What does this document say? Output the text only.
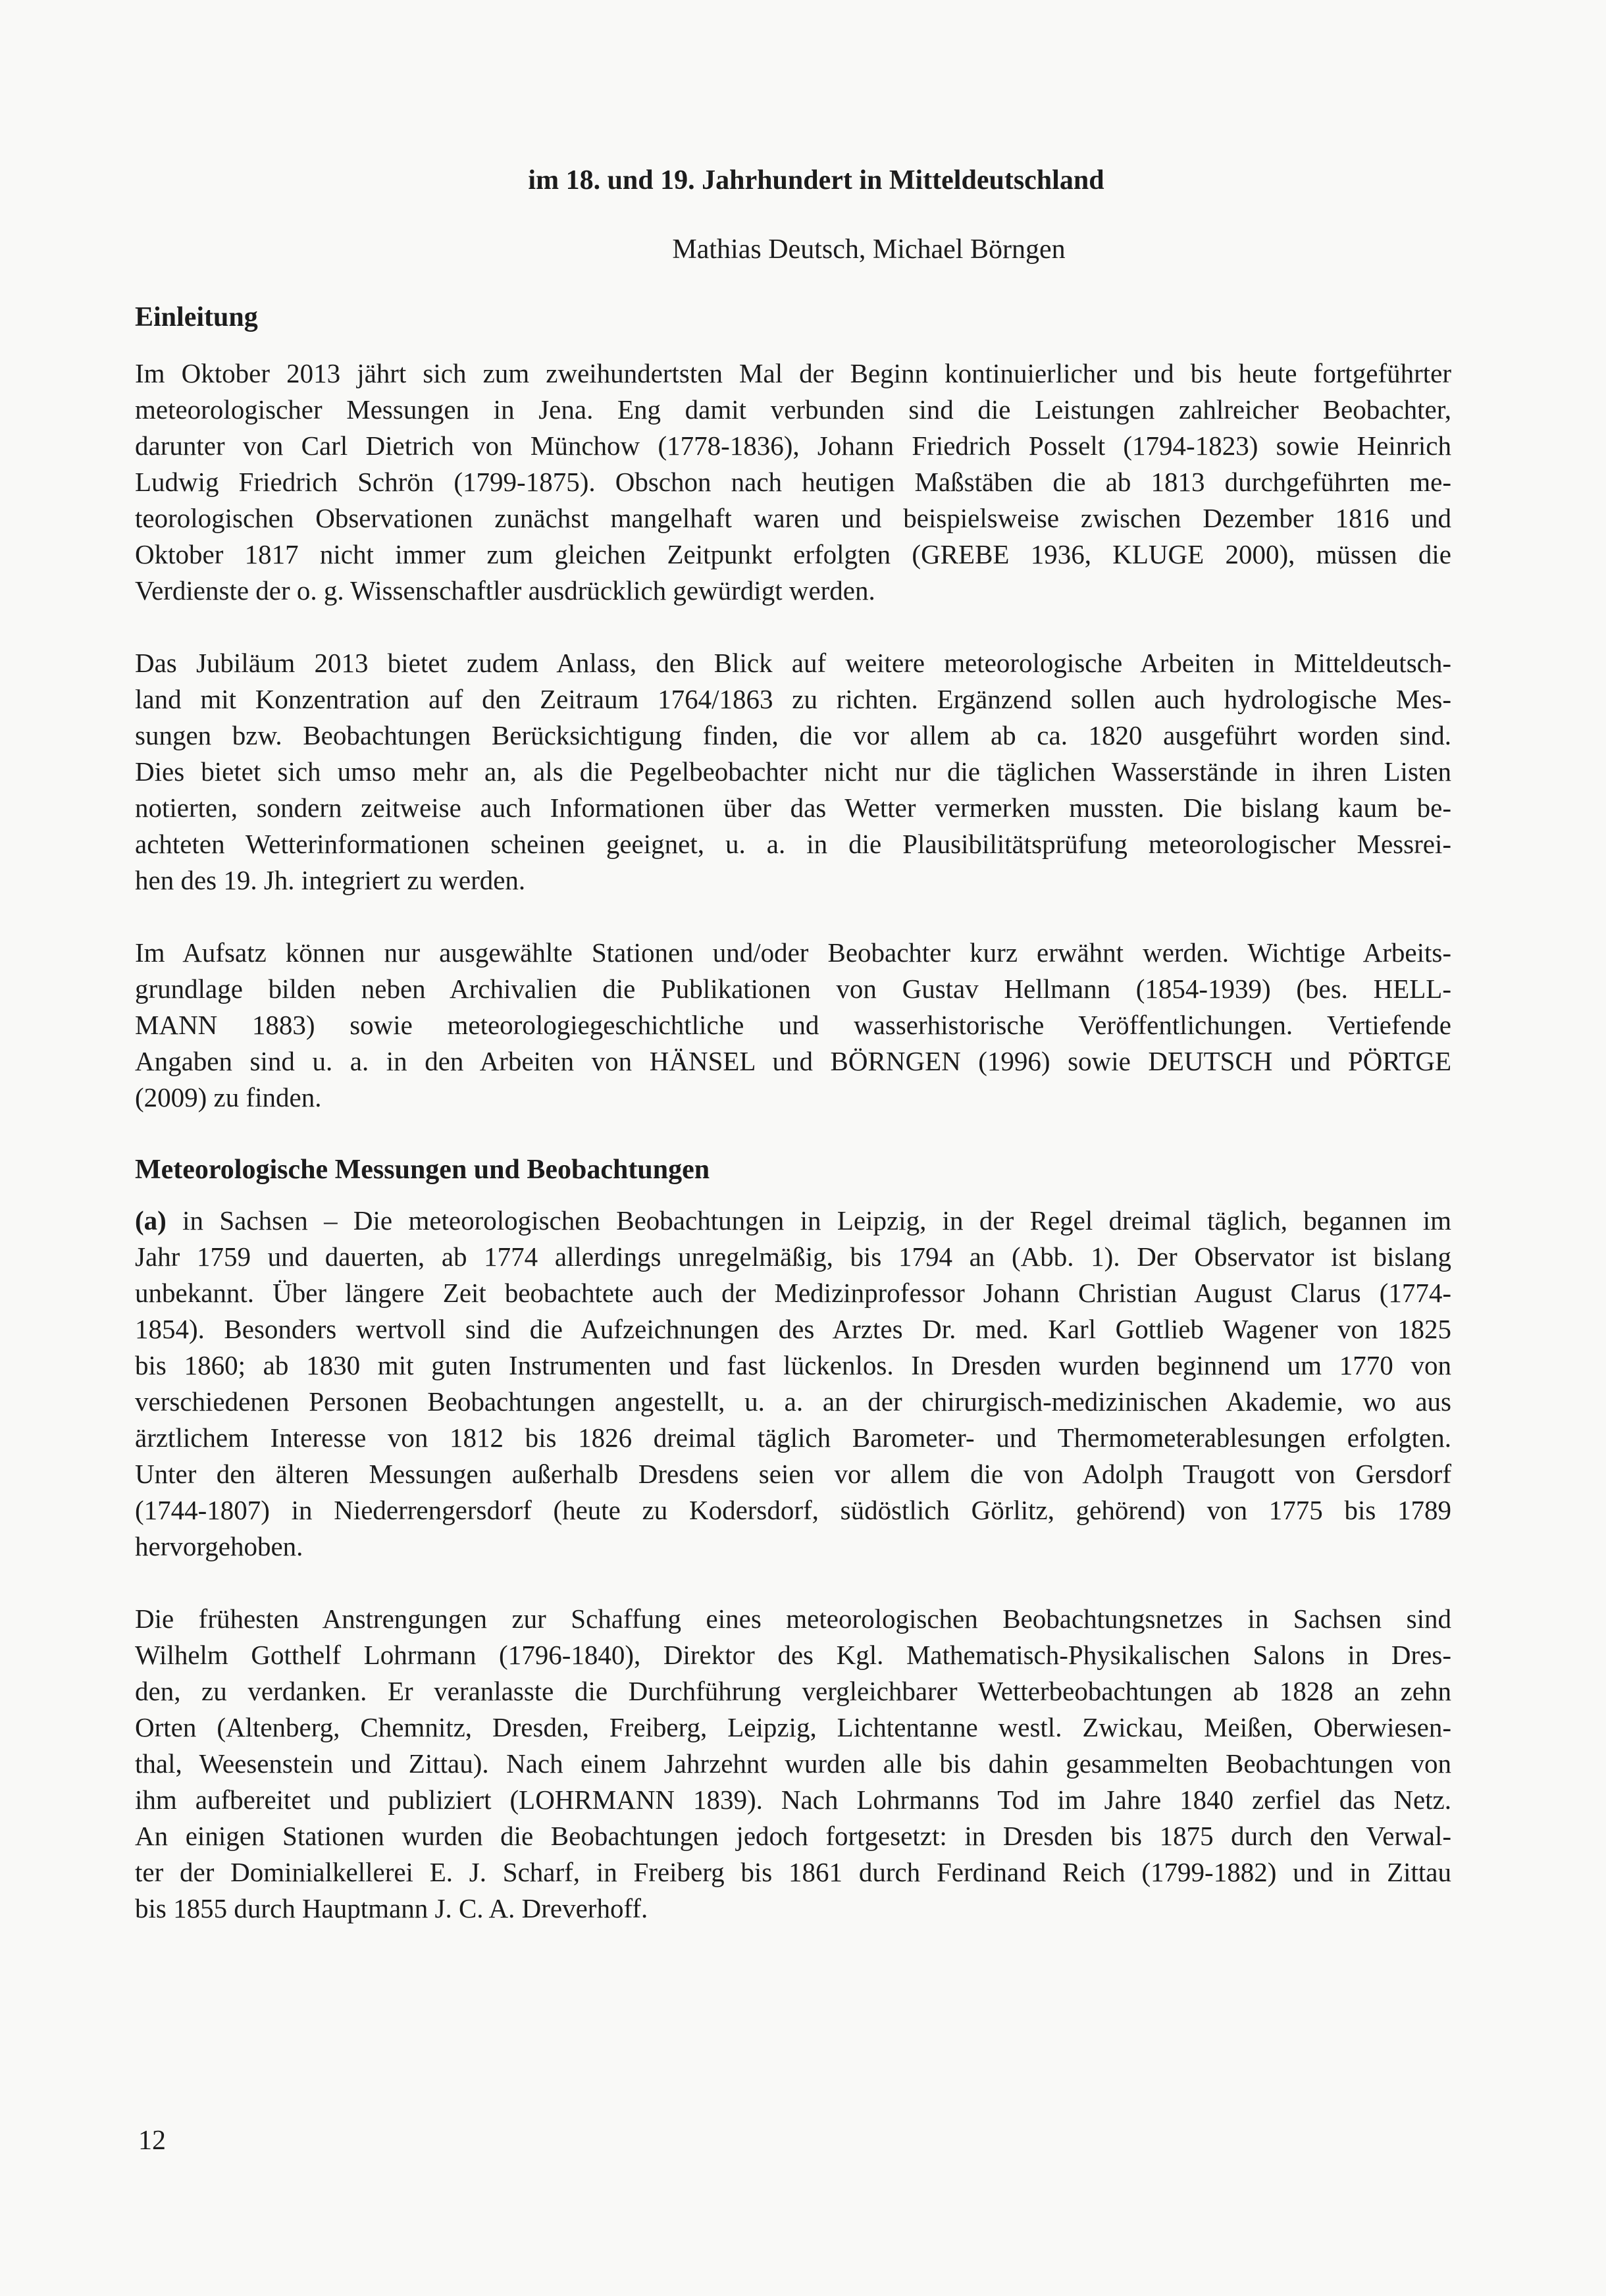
im 18. und 19. Jahrhundert in Mitteldeutschland
Mathias Deutsch, Michael Börngen
Einleitung
Im Oktober 2013 jährt sich zum zweihundertsten Mal der Beginn kontinuierlicher und bis heute fortgeführter
meteorologischer Messungen in Jena. Eng damit verbunden sind die Leistungen zahlreicher Beobachter,
darunter von Carl Dietrich von Münchow (1778-1836), Johann Friedrich Posselt (1794-1823) sowie Heinrich
Ludwig Friedrich Schrön (1799-1875). Obschon nach heutigen Maßstäben die ab 1813 durchgeführten me-
teorologischen Observationen zunächst mangelhaft waren und beispielsweise zwischen Dezember 1816 und
Oktober 1817 nicht immer zum gleichen Zeitpunkt erfolgten (GREBE 1936, KLUGE 2000), müssen die
Verdienste der o. g. Wissenschaftler ausdrücklich gewürdigt werden.
Das Jubiläum 2013 bietet zudem Anlass, den Blick auf weitere meteorologische Arbeiten in Mitteldeutsch-
land mit Konzentration auf den Zeitraum 1764/1863 zu richten. Ergänzend sollen auch hydrologische Mes-
sungen bzw. Beobachtungen Berücksichtigung finden, die vor allem ab ca. 1820 ausgeführt worden sind.
Dies bietet sich umso mehr an, als die Pegelbeobachter nicht nur die täglichen Wasserstände in ihren Listen
notierten, sondern zeitweise auch Informationen über das Wetter vermerken mussten. Die bislang kaum be-
achteten Wetterinformationen scheinen geeignet, u. a. in die Plausibilitätsprüfung meteorologischer Messrei-
hen des 19. Jh. integriert zu werden.
Im Aufsatz können nur ausgewählte Stationen und/oder Beobachter kurz erwähnt werden. Wichtige Arbeits-
grundlage bilden neben Archivalien die Publikationen von Gustav Hellmann (1854-1939) (bes. HELL-
MANN 1883) sowie meteorologiegeschichtliche und wasserhistorische Veröffentlichungen. Vertiefende
Angaben sind u. a. in den Arbeiten von HÄNSEL und BÖRNGEN (1996) sowie DEUTSCH und PÖRTGE
(2009) zu finden.
Meteorologische Messungen und Beobachtungen
(a) in Sachsen – Die meteorologischen Beobachtungen in Leipzig, in der Regel dreimal täglich, begannen im
Jahr 1759 und dauerten, ab 1774 allerdings unregelmäßig, bis 1794 an (Abb. 1). Der Observator ist bislang
unbekannt. Über längere Zeit beobachtete auch der Medizinprofessor Johann Christian August Clarus (1774-
1854). Besonders wertvoll sind die Aufzeichnungen des Arztes Dr. med. Karl Gottlieb Wagener von 1825
bis 1860; ab 1830 mit guten Instrumenten und fast lückenlos. In Dresden wurden beginnend um 1770 von
verschiedenen Personen Beobachtungen angestellt, u. a. an der chirurgisch-medizinischen Akademie, wo aus
ärztlichem Interesse von 1812 bis 1826 dreimal täglich Barometer- und Thermometerablesungen erfolgten.
Unter den älteren Messungen außerhalb Dresdens seien vor allem die von Adolph Traugott von Gersdorf
(1744-1807) in Niederrengersdorf (heute zu Kodersdorf, südöstlich Görlitz, gehörend) von 1775 bis 1789
hervorgehoben.
Die frühesten Anstrengungen zur Schaffung eines meteorologischen Beobachtungsnetzes in Sachsen sind
Wilhelm Gotthelf Lohrmann (1796-1840), Direktor des Kgl. Mathematisch-Physikalischen Salons in Dres-
den, zu verdanken. Er veranlasste die Durchführung vergleichbarer Wetterbeobachtungen ab 1828 an zehn
Orten (Altenberg, Chemnitz, Dresden, Freiberg, Leipzig, Lichtentanne westl. Zwickau, Meißen, Oberwiesen-
thal, Weesenstein und Zittau). Nach einem Jahrzehnt wurden alle bis dahin gesammelten Beobachtungen von
ihm aufbereitet und publiziert (LOHRMANN 1839). Nach Lohrmanns Tod im Jahre 1840 zerfiel das Netz.
An einigen Stationen wurden die Beobachtungen jedoch fortgesetzt: in Dresden bis 1875 durch den Verwal-
ter der Dominialkellerei E. J. Scharf, in Freiberg bis 1861 durch Ferdinand Reich (1799-1882) und in Zittau
bis 1855 durch Hauptmann J. C. A. Dreverhoff.
12
